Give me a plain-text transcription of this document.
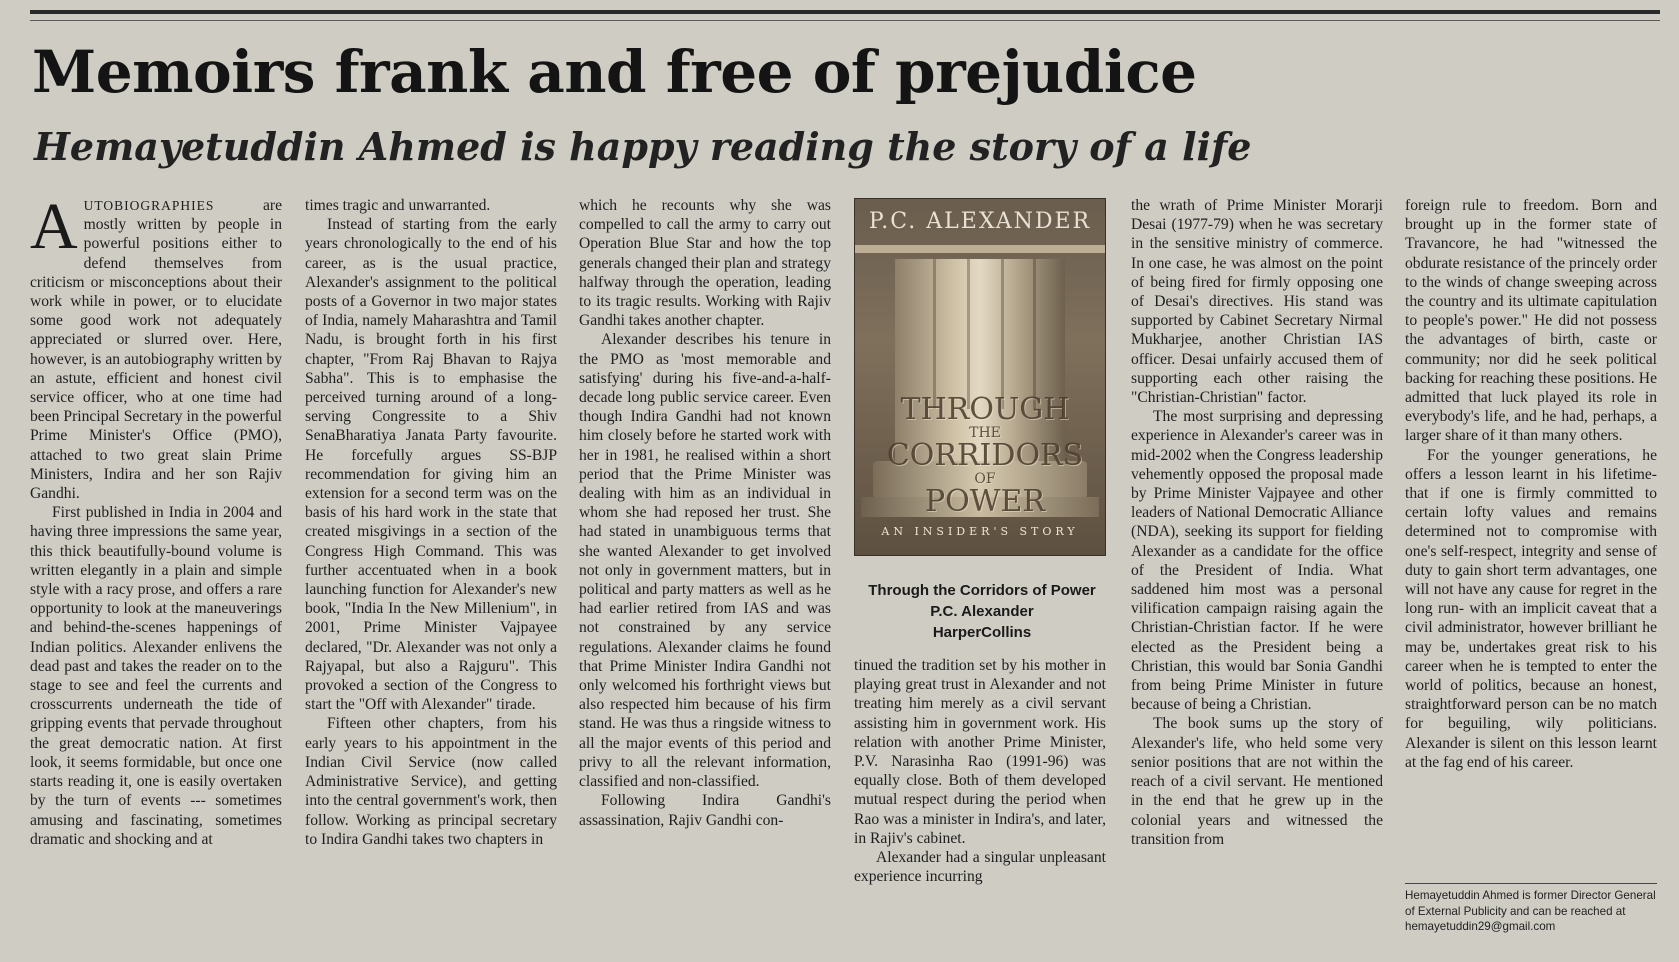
Memoirs frank and free of prejudice
Hemayetuddin Ahmed is happy reading the story of a life

AUTOBIOGRAPHIES are mostly written by people in powerful positions either to defend themselves from criticism or misconceptions about their work while in power, or to elucidate some good work not adequately appreciated or slurred over. Here, however, is an autobiography written by an astute, efficient and honest civil service officer, who at one time had been Principal Secretary in the powerful Prime Minister's Office (PMO), attached to two great slain Prime Ministers, Indira and her son Rajiv Gandhi.

First published in India in 2004 and having three impressions the same year, this thick beautifully-bound volume is written elegantly in a plain and simple style with a racy prose, and offers a rare opportunity to look at the maneuverings and behind-the-scenes happenings of Indian politics. Alexander enlivens the dead past and takes the reader on to the stage to see and feel the currents and crosscurrents underneath the tide of gripping events that pervade throughout the great democratic nation. At first look, it seems formidable, but once one starts reading it, one is easily overtaken by the turn of events --- sometimes amusing and fascinating, sometimes dramatic and shocking and at

times tragic and unwarranted.

Instead of starting from the early years chronologically to the end of his career, as is the usual practice, Alexander's assignment to the political posts of a Governor in two major states of India, namely Maharashtra and Tamil Nadu, is brought forth in his first chapter, "From Raj Bhavan to Rajya Sabha". This is to emphasise the perceived turning around of a long-serving Congressite to a Shiv SenaBharatiya Janata Party favourite. He forcefully argues SS-BJP recommendation for giving him an extension for a second term was on the basis of his hard work in the state that created misgivings in a section of the Congress High Command. This was further accentuated when in a book launching function for Alexander's new book, "India In the New Millenium", in 2001, Prime Minister Vajpayee declared, "Dr. Alexander was not only a Rajyapal, but also a Rajguru". This provoked a section of the Congress to start the "Off with Alexander" tirade.

Fifteen other chapters, from his early years to his appointment in the Indian Civil Service (now called Administrative Service), and getting into the central government's work, then follow. Working as principal secretary to Indira Gandhi takes two chapters in

which he recounts why she was compelled to call the army to carry out Operation Blue Star and how the top generals changed their plan and strategy halfway through the operation, leading to its tragic results. Working with Rajiv Gandhi takes another chapter.

Alexander describes his tenure in the PMO as 'most memorable and satisfying' during his five-and-a-half-decade long public service career. Even though Indira Gandhi had not known him closely before he started work with her in 1981, he realised within a short period that the Prime Minister was dealing with him as an individual in whom she had reposed her trust. She had stated in unambiguous terms that she wanted Alexander to get involved not only in government matters, but in political and party matters as well as he had earlier retired from IAS and was not constrained by any service regulations. Alexander claims he found that Prime Minister Indira Gandhi not only welcomed his forthright views but also respected him because of his firm stand. He was thus a ringside witness to all the major events of this period and privy to all the relevant information, classified and non-classified.

Following Indira Gandhi's assassination, Rajiv Gandhi con-

P.C. ALEXANDER
THROUGH
THE
CORRIDORS
OF
POWER
AN INSIDER'S STORY
Through the Corridors of Power
P.C. Alexander
HarperCollins

tinued the tradition set by his mother in playing great trust in Alexander and not treating him merely as a civil servant assisting him in government work. His relation with another Prime Minister, P.V. Narasinha Rao (1991-96) was equally close. Both of them developed mutual respect during the period when Rao was a minister in Indira's, and later, in Rajiv's cabinet.

Alexander had a singular unpleasant experience incurring

the wrath of Prime Minister Morarji Desai (1977-79) when he was secretary in the sensitive ministry of commerce. In one case, he was almost on the point of being fired for firmly opposing one of Desai's directives. His stand was supported by Cabinet Secretary Nirmal Mukharjee, another Christian IAS officer. Desai unfairly accused them of supporting each other raising the "Christian-Christian" factor.

The most surprising and depressing experience in Alexander's career was in mid-2002 when the Congress leadership vehemently opposed the proposal made by Prime Minister Vajpayee and other leaders of National Democratic Alliance (NDA), seeking its support for fielding Alexander as a candidate for the office of the President of India. What saddened him most was a personal vilification campaign raising again the Christian-Christian factor. If he were elected as the President being a Christian, this would bar Sonia Gandhi from being Prime Minister in future because of being a Christian.

The book sums up the story of Alexander's life, who held some very senior positions that are not within the reach of a civil servant. He mentioned in the end that he grew up in the colonial years and witnessed the transition from

foreign rule to freedom. Born and brought up in the former state of Travancore, he had "witnessed the obdurate resistance of the princely order to the winds of change sweeping across the country and its ultimate capitulation to people's power." He did not possess the advantages of birth, caste or community; nor did he seek political backing for reaching these positions. He admitted that luck played its role in everybody's life, and he had, perhaps, a larger share of it than many others.

For the younger generations, he offers a lesson learnt in his lifetime- that if one is firmly committed to certain lofty values and remains determined not to compromise with one's self-respect, integrity and sense of duty to gain short term advantages, one will not have any cause for regret in the long run- with an implicit caveat that a civil administrator, however brilliant he may be, undertakes great risk to his career when he is tempted to enter the world of politics, because an honest, straightforward person can be no match for beguiling, wily politicians. Alexander is silent on this lesson learnt at the fag end of his career.

Hemayetuddin Ahmed is former Director General of External Publicity and can be reached at hemayetuddin29@gmail.com
